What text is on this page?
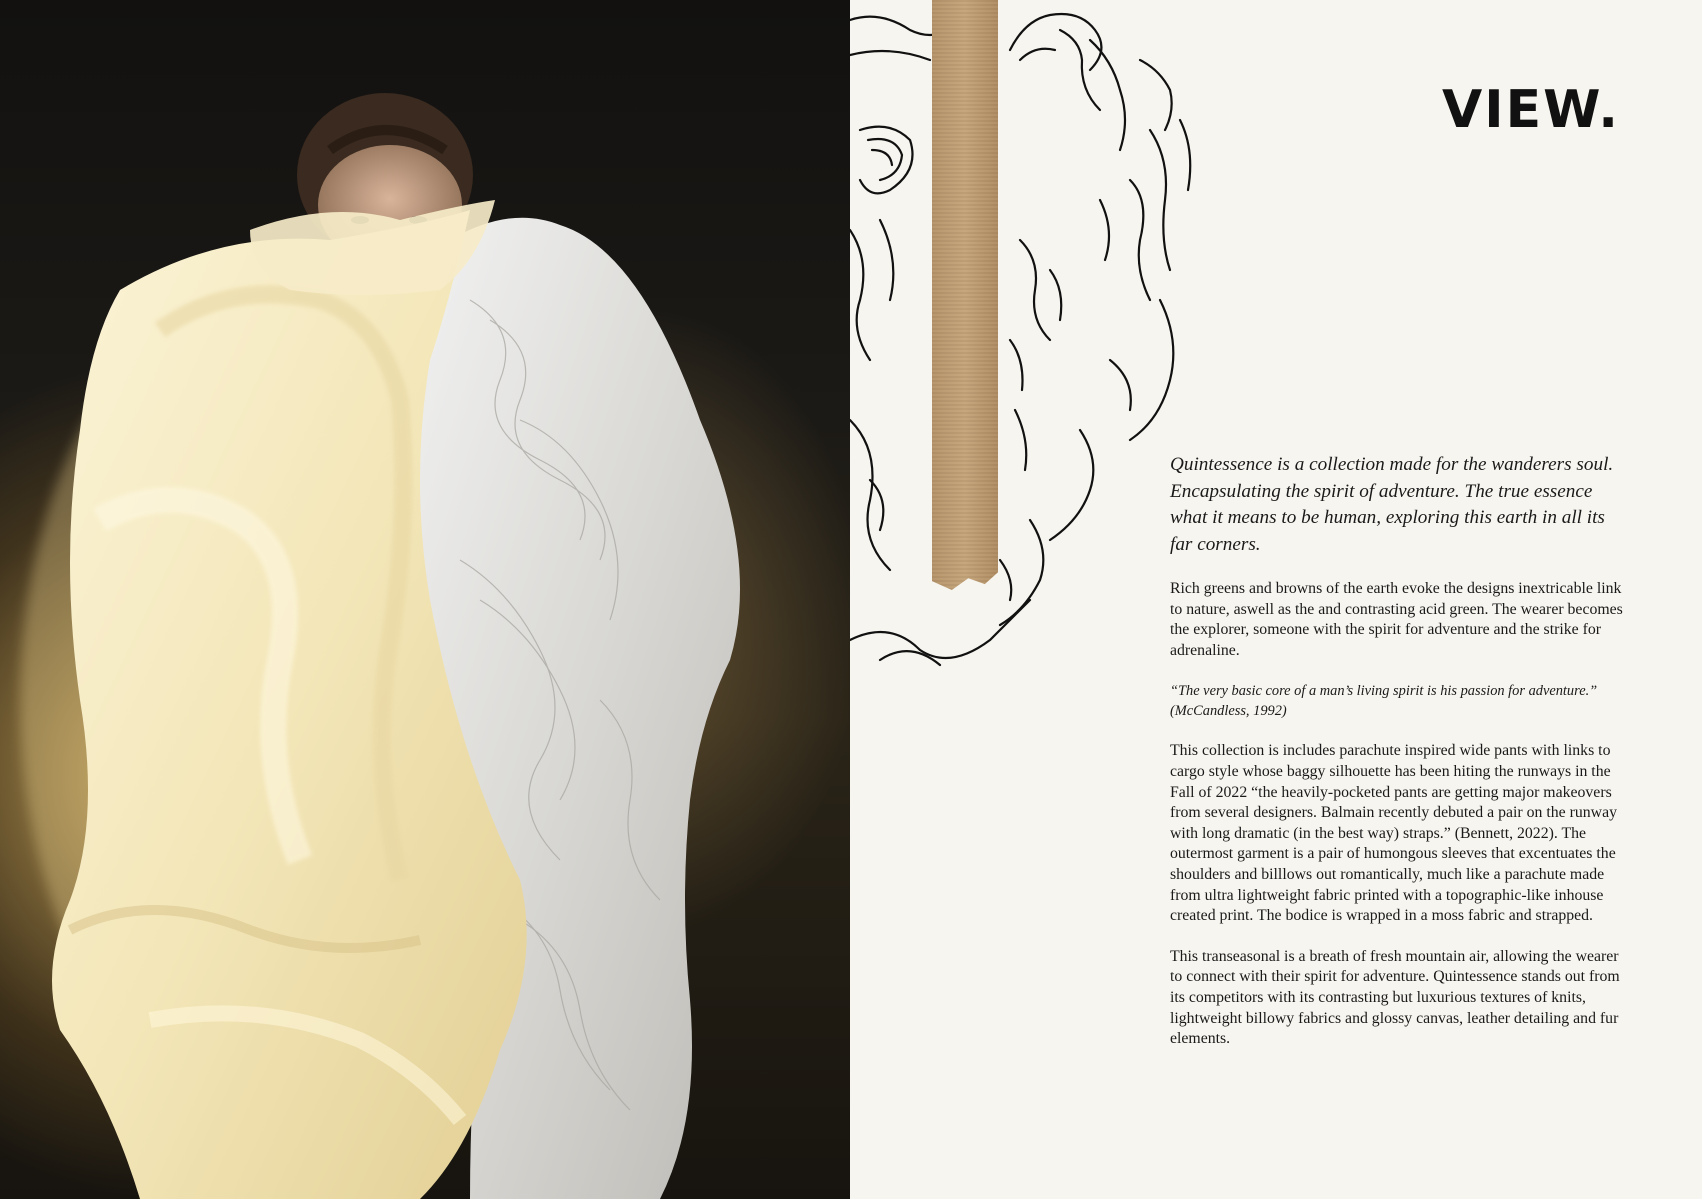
VIEW.

Quintessence is a collection made for the wanderers soul. Encapsulating the spirit of adventure. The true essence what it means to be human, exploring this earth in all its far corners.

Rich greens and browns of the earth evoke the designs inextricable link to nature, aswell as the and contrasting acid green. The wearer becomes the explorer, someone with the spirit for adventure and the strike for adrenaline.

“The very basic core of a man’s living spirit is his passion for adventure.” (McCandless, 1992)

This collection is includes parachute inspired wide pants with links to cargo style whose baggy silhouette has been hiting the runways in the Fall of 2022 “the heavily-pocketed pants are getting major makeovers from several designers. Balmain recently debuted a pair on the runway with long dramatic (in the best way) straps.” (Bennett, 2022). The outermost garment is a pair of humongous sleeves that excentuates the shoulders and billlows out romantically, much like a parachute made from ultra lightweight fabric printed with a topographic-like inhouse created print. The bodice is wrapped in a moss fabric and strapped.

This transeasonal is a breath of fresh mountain air, allowing the wearer to connect with their spirit for adventure. Quintessence stands out from its competitors with its contrasting but luxurious textures of knits, lightweight billowy fabrics and glossy canvas, leather detailing and fur elements.
